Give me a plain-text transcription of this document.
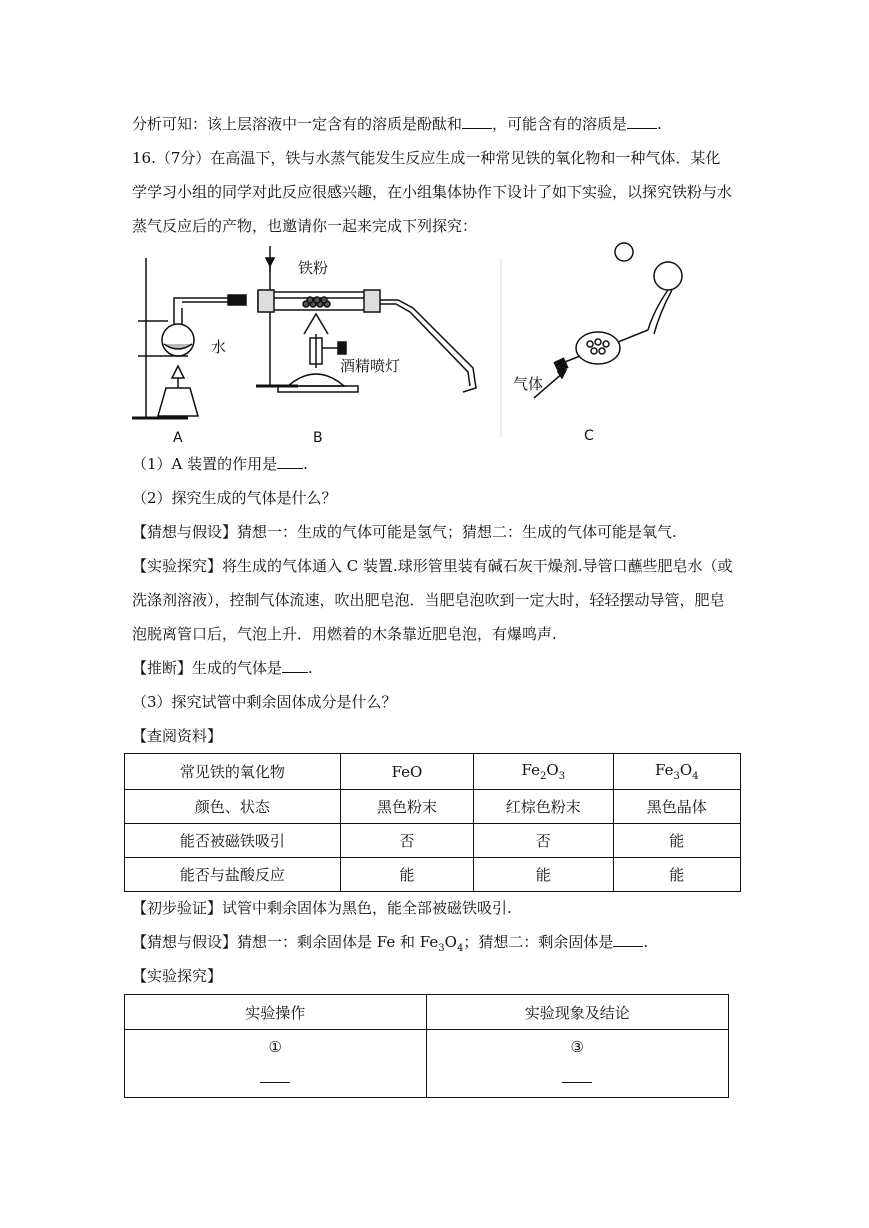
分析可知：该上层溶液中一定含有的溶质是酚酞和 ，可能含有的溶质是 .
16.（7分）在高温下，铁与水蒸气能发生反应生成一种常见铁的氧化物和一种气体．某化
学学习小组的同学对此反应很感兴趣，在小组集体协作下设计了如下实验，以探究铁粉与水
蒸气反应后的产物，也邀请你一起来完成下列探究：
铁粉
水
酒精喷灯
气体
A	B	C
（1）A 装置的作用是 .
（2）探究生成的气体是什么？
【猜想与假设】猜想一：生成的气体可能是氢气；猜想二：生成的气体可能是氧气.
【实验探究】将生成的气体通入 C 装置.球形管里装有碱石灰干燥剂.导管口蘸些肥皂水（或
洗涤剂溶液），控制气体流速，吹出肥皂泡．当肥皂泡吹到一定大时，轻轻摆动导管，肥皂
泡脱离管口后，气泡上升．用燃着的木条靠近肥皂泡，有爆鸣声.
【推断】生成的气体是 .
（3）探究试管中剩余固体成分是什么？
【查阅资料】
常见铁的氧化物	FeO	$Fe_2O_3$	$Fe_3O_4$
颜色、状态	黑色粉末	红棕色粉末	黑色晶体
能否被磁铁吸引	否	否	能
能否与盐酸反应	能	能	能
【初步验证】试管中剩余固体为黑色，能全部被磁铁吸引.
【猜想与假设】猜想一：剩余固体是 Fe 和 $Fe_3O_4$；猜想二：剩余固体是 .
【实验探究】
实验操作	实验现象及结论

①	③
